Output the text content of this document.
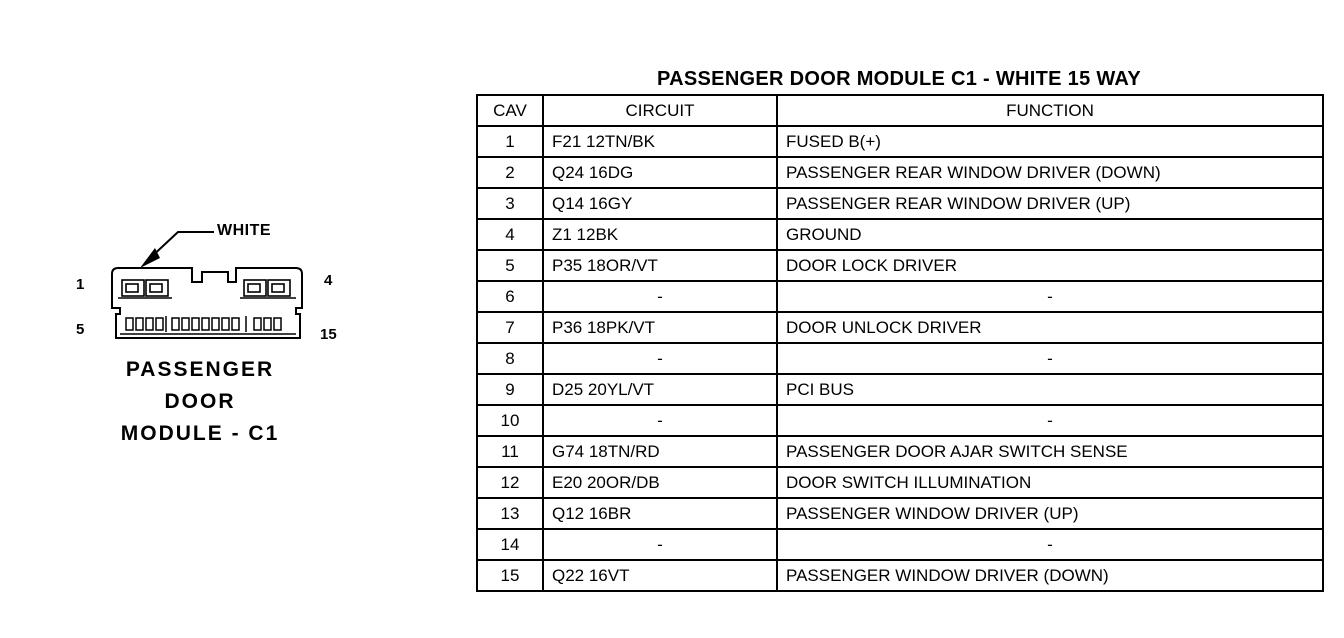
WHITE
1	4
5	15
PASSENGER
DOOR
MODULE - C1
PASSENGER DOOR MODULE C1 - WHITE 15 WAY
CAV	CIRCUIT	FUNCTION
1	F21 12TN/BK	FUSED B(+)
2	Q24 16DG	PASSENGER REAR WINDOW DRIVER (DOWN)
3	Q14 16GY	PASSENGER REAR WINDOW DRIVER (UP)
4	Z1 12BK	GROUND
5	P35 18OR/VT	DOOR LOCK DRIVER
6	-	-
7	P36 18PK/VT	DOOR UNLOCK DRIVER
8	-	-
9	D25 20YL/VT	PCI BUS
10	-	-
11	G74 18TN/RD	PASSENGER DOOR AJAR SWITCH SENSE
12	E20 20OR/DB	DOOR SWITCH ILLUMINATION
13	Q12 16BR	PASSENGER WINDOW DRIVER (UP)
14	-	-
15	Q22 16VT	PASSENGER WINDOW DRIVER (DOWN)
